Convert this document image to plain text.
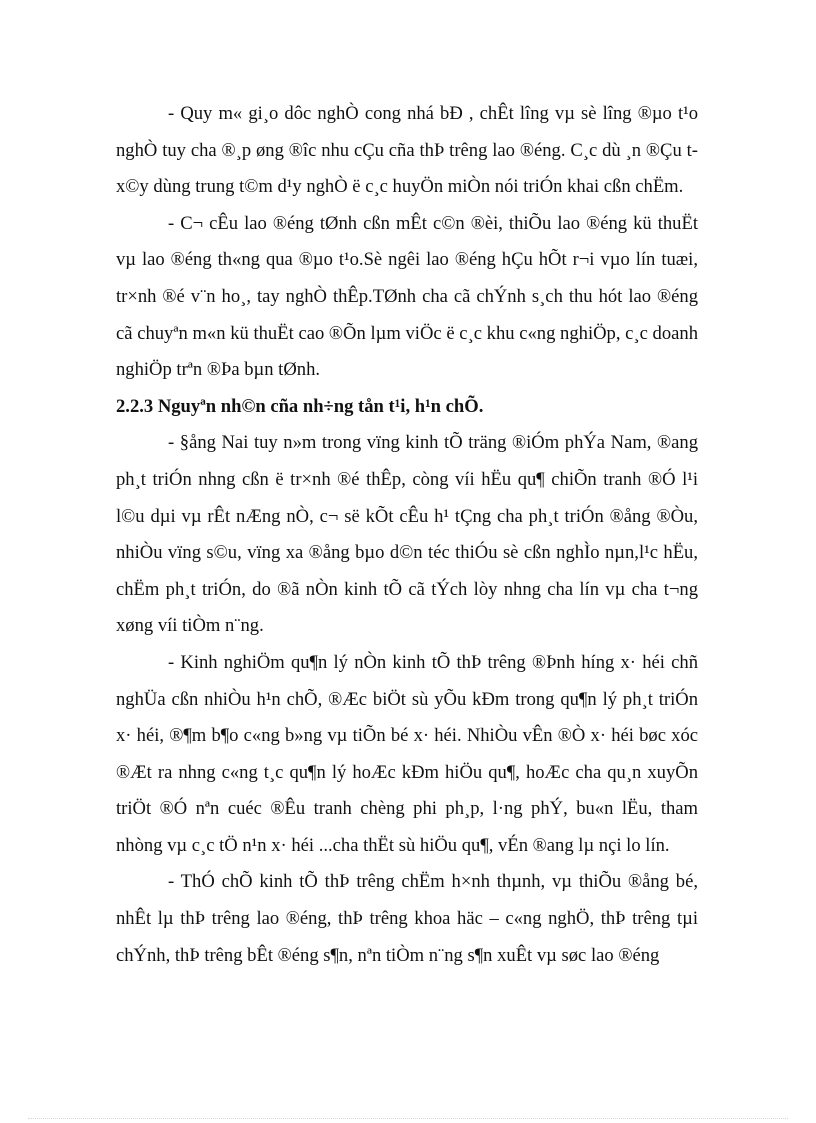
- Quy m« gi¸o dôc nghÒ cong nhá bÐ , chÊt lîng vµ sè lîng ®µo t¹o nghÒ tuy cha ®¸p øng ®îc nhu cÇu cña thÞ trêng lao ®éng. C¸c dù ¸n ®Çu t x©y dùng trung t©m d¹y nghÒ ë c¸c huyÖn miÒn nói triÓn khai cßn chËm.

- C¬ cÊu lao ®éng tØnh cßn mÊt c©n ®èi, thiÕu lao ®éng kü thuËt vµ lao ®éng th«ng qua ®µo t¹o.Sè ngêi lao ®éng hÇu hÕt r¬i vµo lín tuæi, tr×nh ®é v¨n ho¸, tay nghÒ thÊp.TØnh cha cã chÝnh s¸ch thu hót lao ®éng cã chuyªn m«n kü thuËt cao ®Õn lµm viÖc ë c¸c khu c«ng nghiÖp, c¸c doanh nghiÖp trªn ®Þa bµn tØnh.

2.2.3 Nguyªn nh©n cña nh÷ng tån t¹i, h¹n chÕ.

- §ång Nai tuy n»m trong vïng kinh tÕ träng ®iÓm phÝa Nam, ®ang ph¸t triÓn nhng cßn ë tr×nh ®é thÊp, còng víi hËu qu¶ chiÕn tranh ®Ó l¹i l©u dµi vµ rÊt nÆng nÒ, c¬ së kÕt cÊu h¹ tÇng cha ph¸t triÓn ®ång ®Òu, nhiÒu vïng s©u, vïng xa ®ång bµo d©n téc thiÓu sè cßn nghÌo nµn,l¹c hËu, chËm ph¸t triÓn, do ®ã nÒn kinh tÕ cã tÝch lòy nhng cha lín vµ cha t¬ng xøng víi tiÒm n¨ng.

- Kinh nghiÖm qu¶n lý nÒn kinh tÕ thÞ trêng ®Þnh híng x· héi chñ nghÜa cßn nhiÒu h¹n chÕ, ®Æc biÖt sù yÕu kÐm trong qu¶n lý ph¸t triÓn x· héi, ®¶m b¶o c«ng b»ng vµ tiÕn bé x· héi. NhiÒu vÊn ®Ò x· héi bøc xóc ®Æt ra nhng c«ng t¸c qu¶n lý hoÆc kÐm hiÖu qu¶, hoÆc cha qu¸n xuyÕn triÖt ®Ó nªn cuéc ®Êu tranh chèng phi ph¸p, l·ng phÝ, bu«n lËu, tham nhòng vµ c¸c tÖ n¹n x· héi ...cha thËt sù hiÖu qu¶, vÉn ®ang lµ nçi lo lín.

- ThÓ chÕ kinh tÕ thÞ trêng chËm h×nh thµnh, vµ thiÕu ®ång bé, nhÊt lµ thÞ trêng lao ®éng, thÞ trêng khoa häc – c«ng nghÖ, thÞ trêng tµi chÝnh, thÞ trêng bÊt ®éng s¶n, nªn tiÒm n¨ng s¶n xuÊt vµ søc lao ®éng
